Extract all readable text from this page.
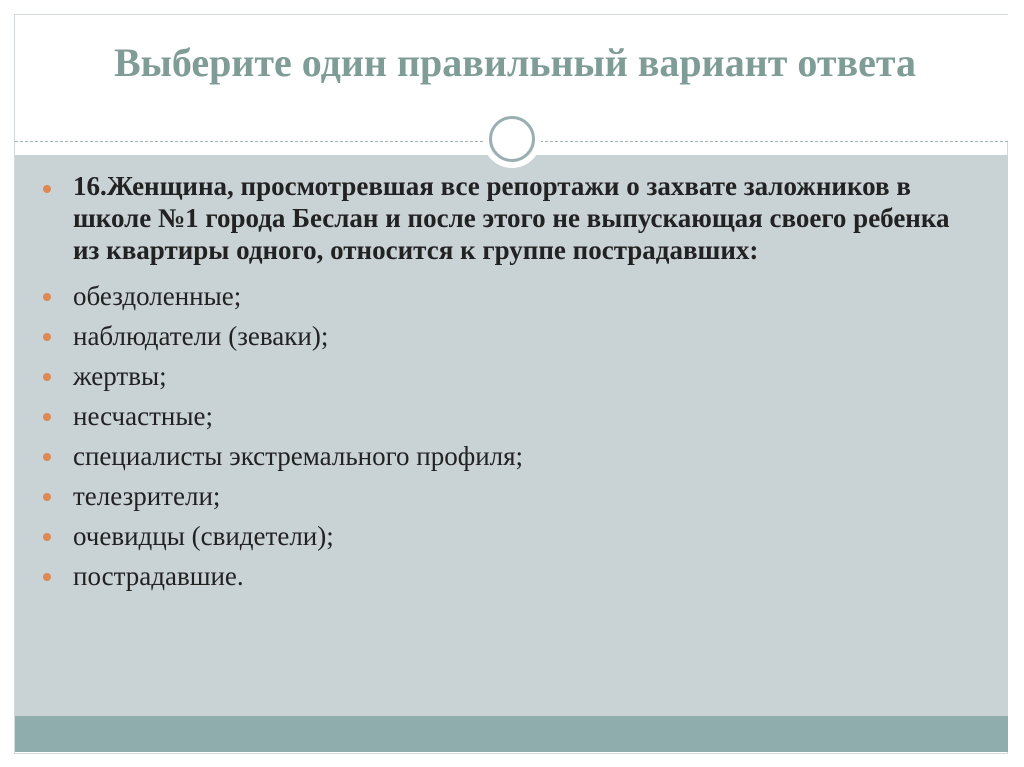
Выберите один правильный вариант ответа
16.Женщина, просмотревшая все репортажи о захвате заложников в школе №1 города Беслан и после этого не выпускающая своего ребенка из квартиры одного, относится к группе пострадавших:
обездоленные;
наблюдатели (зеваки);
жертвы;
несчастные;
специалисты экстремального профиля;
телезрители;
очевидцы (свидетели);
пострадавшие.
